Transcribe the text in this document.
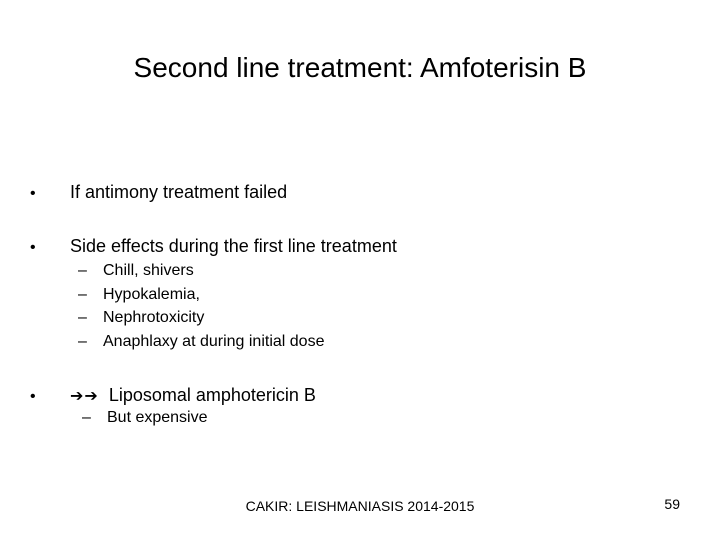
Second line treatment: Amfoterisin B
•	If antimony treatment failed
•	Side effects during the first line treatment
–	Chill, shivers
–	Hypokalemia,
–	Nephrotoxicity
–	Anaphlaxy at during initial dose
•	➔➔ Liposomal amphotericin B
–	But expensive
CAKIR: LEISHMANIASIS 2014-2015	59
